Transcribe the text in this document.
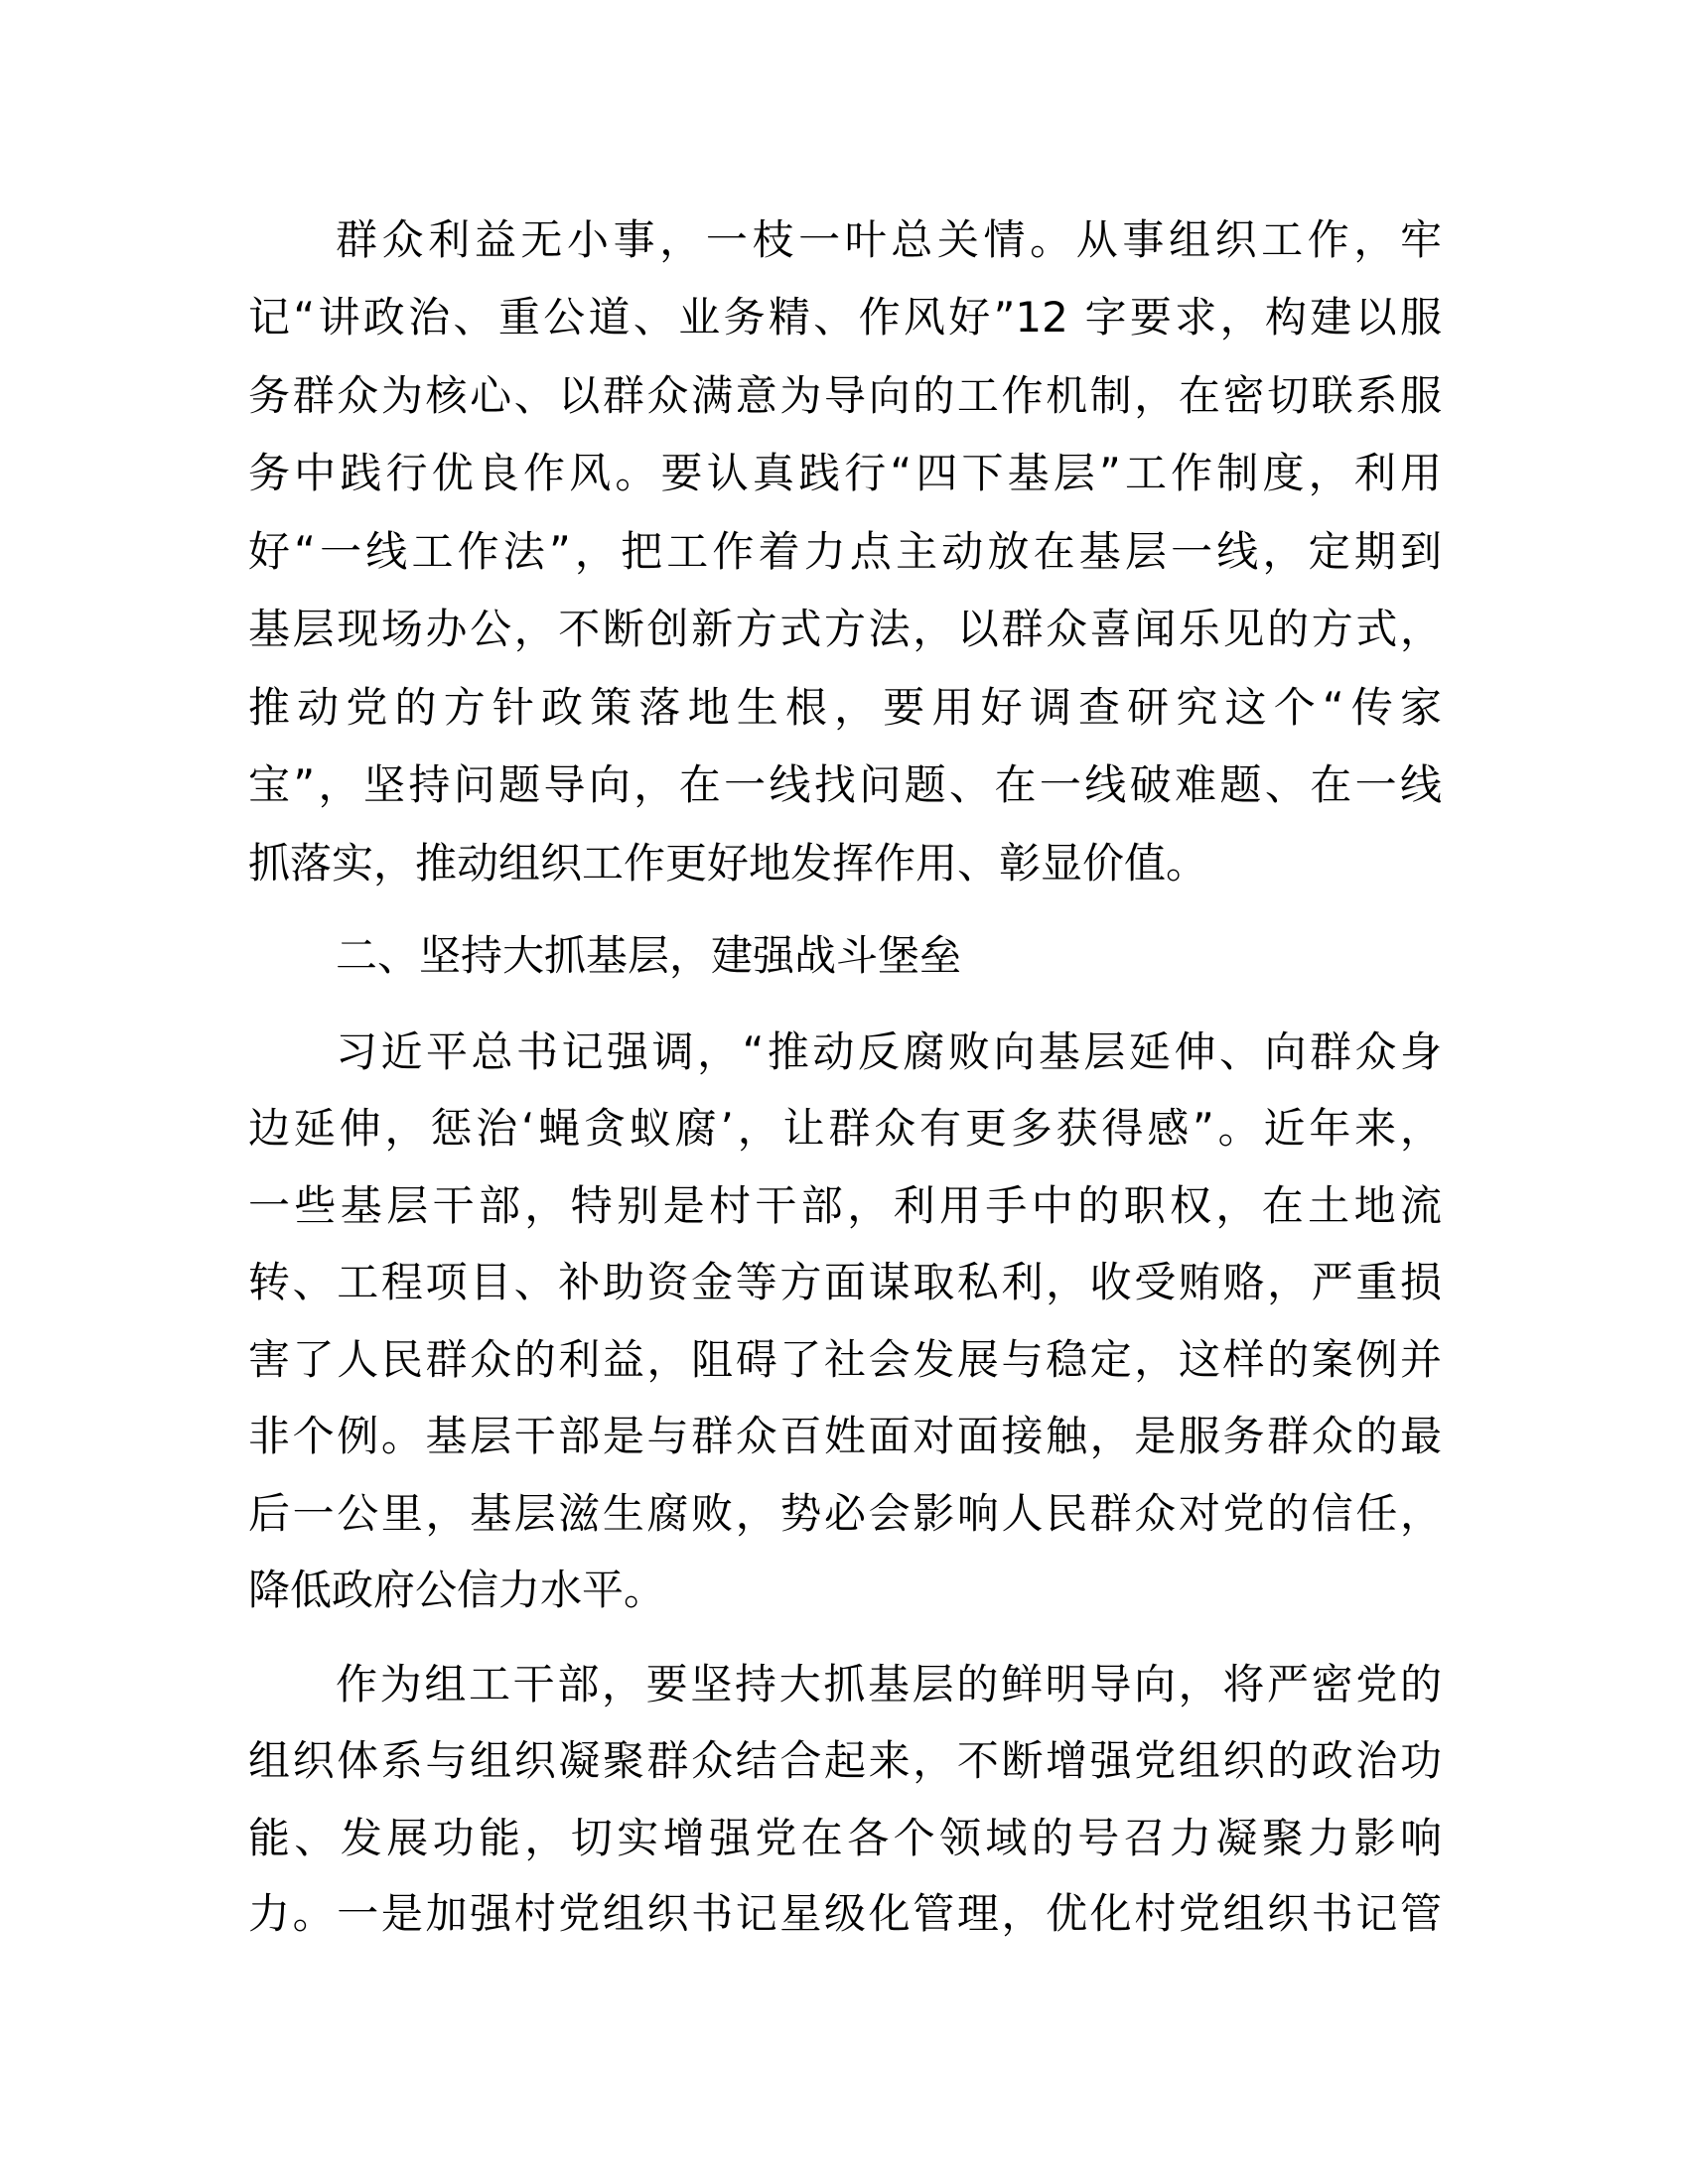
群众利益无小事，一枝一叶总关情。从事组织工作，牢
记“讲政治、重公道、业务精、作风好”12 字要求，构建以服
务群众为核心、以群众满意为导向的工作机制，在密切联系服
务中践行优良作风。要认真践行“四下基层”工作制度，利用
好“一线工作法”，把工作着力点主动放在基层一线，定期到
基层现场办公，不断创新方式方法，以群众喜闻乐见的方式，
推动党的方针政策落地生根，要用好调查研究这个“传家
宝”，坚持问题导向，在一线找问题、在一线破难题、在一线
抓落实，推动组织工作更好地发挥作用、彰显价值。
二、坚持大抓基层，建强战斗堡垒
习近平总书记强调，“推动反腐败向基层延伸、向群众身
边延伸，惩治‘蝇贪蚁腐’，让群众有更多获得感”。近年来，
一些基层干部，特别是村干部，利用手中的职权，在土地流
转、工程项目、补助资金等方面谋取私利，收受贿赂，严重损
害了人民群众的利益，阻碍了社会发展与稳定，这样的案例并
非个例。基层干部是与群众百姓面对面接触，是服务群众的最
后一公里，基层滋生腐败，势必会影响人民群众对党的信任，
降低政府公信力水平。
作为组工干部，要坚持大抓基层的鲜明导向，将严密党的
组织体系与组织凝聚群众结合起来，不断增强党组织的政治功
能、发展功能，切实增强党在各个领域的号召力凝聚力影响
力。一是加强村党组织书记星级化管理，优化村党组织书记管
